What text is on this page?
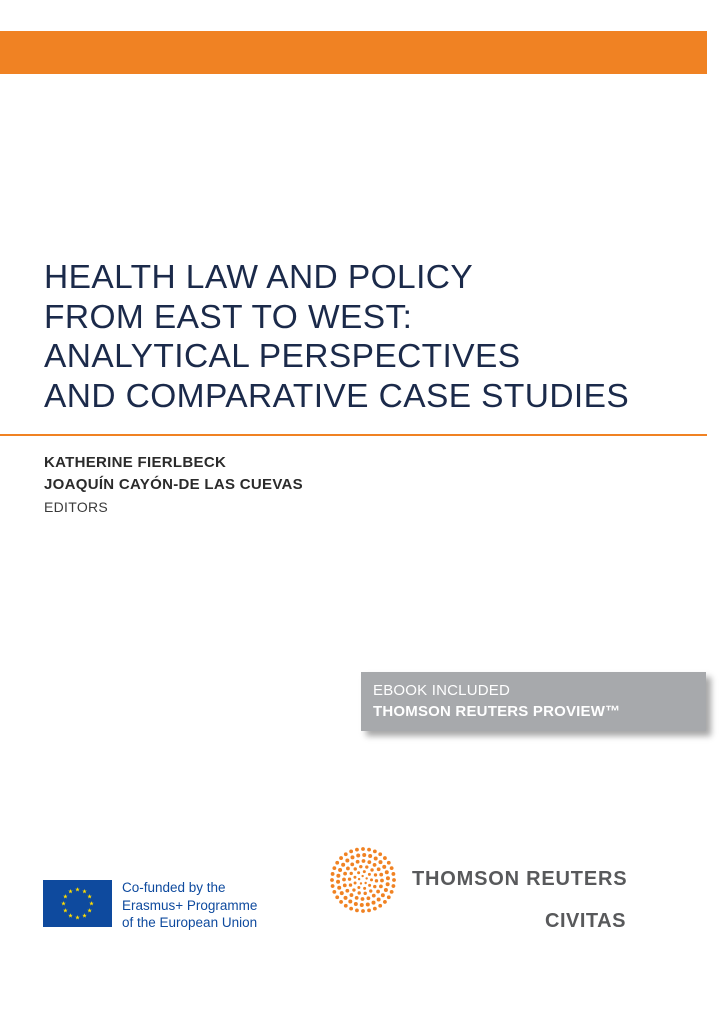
HEALTH LAW AND POLICY
FROM EAST TO WEST:
ANALYTICAL PERSPECTIVES
AND COMPARATIVE CASE STUDIES
KATHERINE FIERLBECK
JOAQUÍN CAYÓN-DE LAS CUEVAS
EDITORS
EBOOK INCLUDED
THOMSON REUTERS PROVIEW™
Co-funded by the
Erasmus+ Programme
of the European Union
THOMSON REUTERS
CIVITAS
